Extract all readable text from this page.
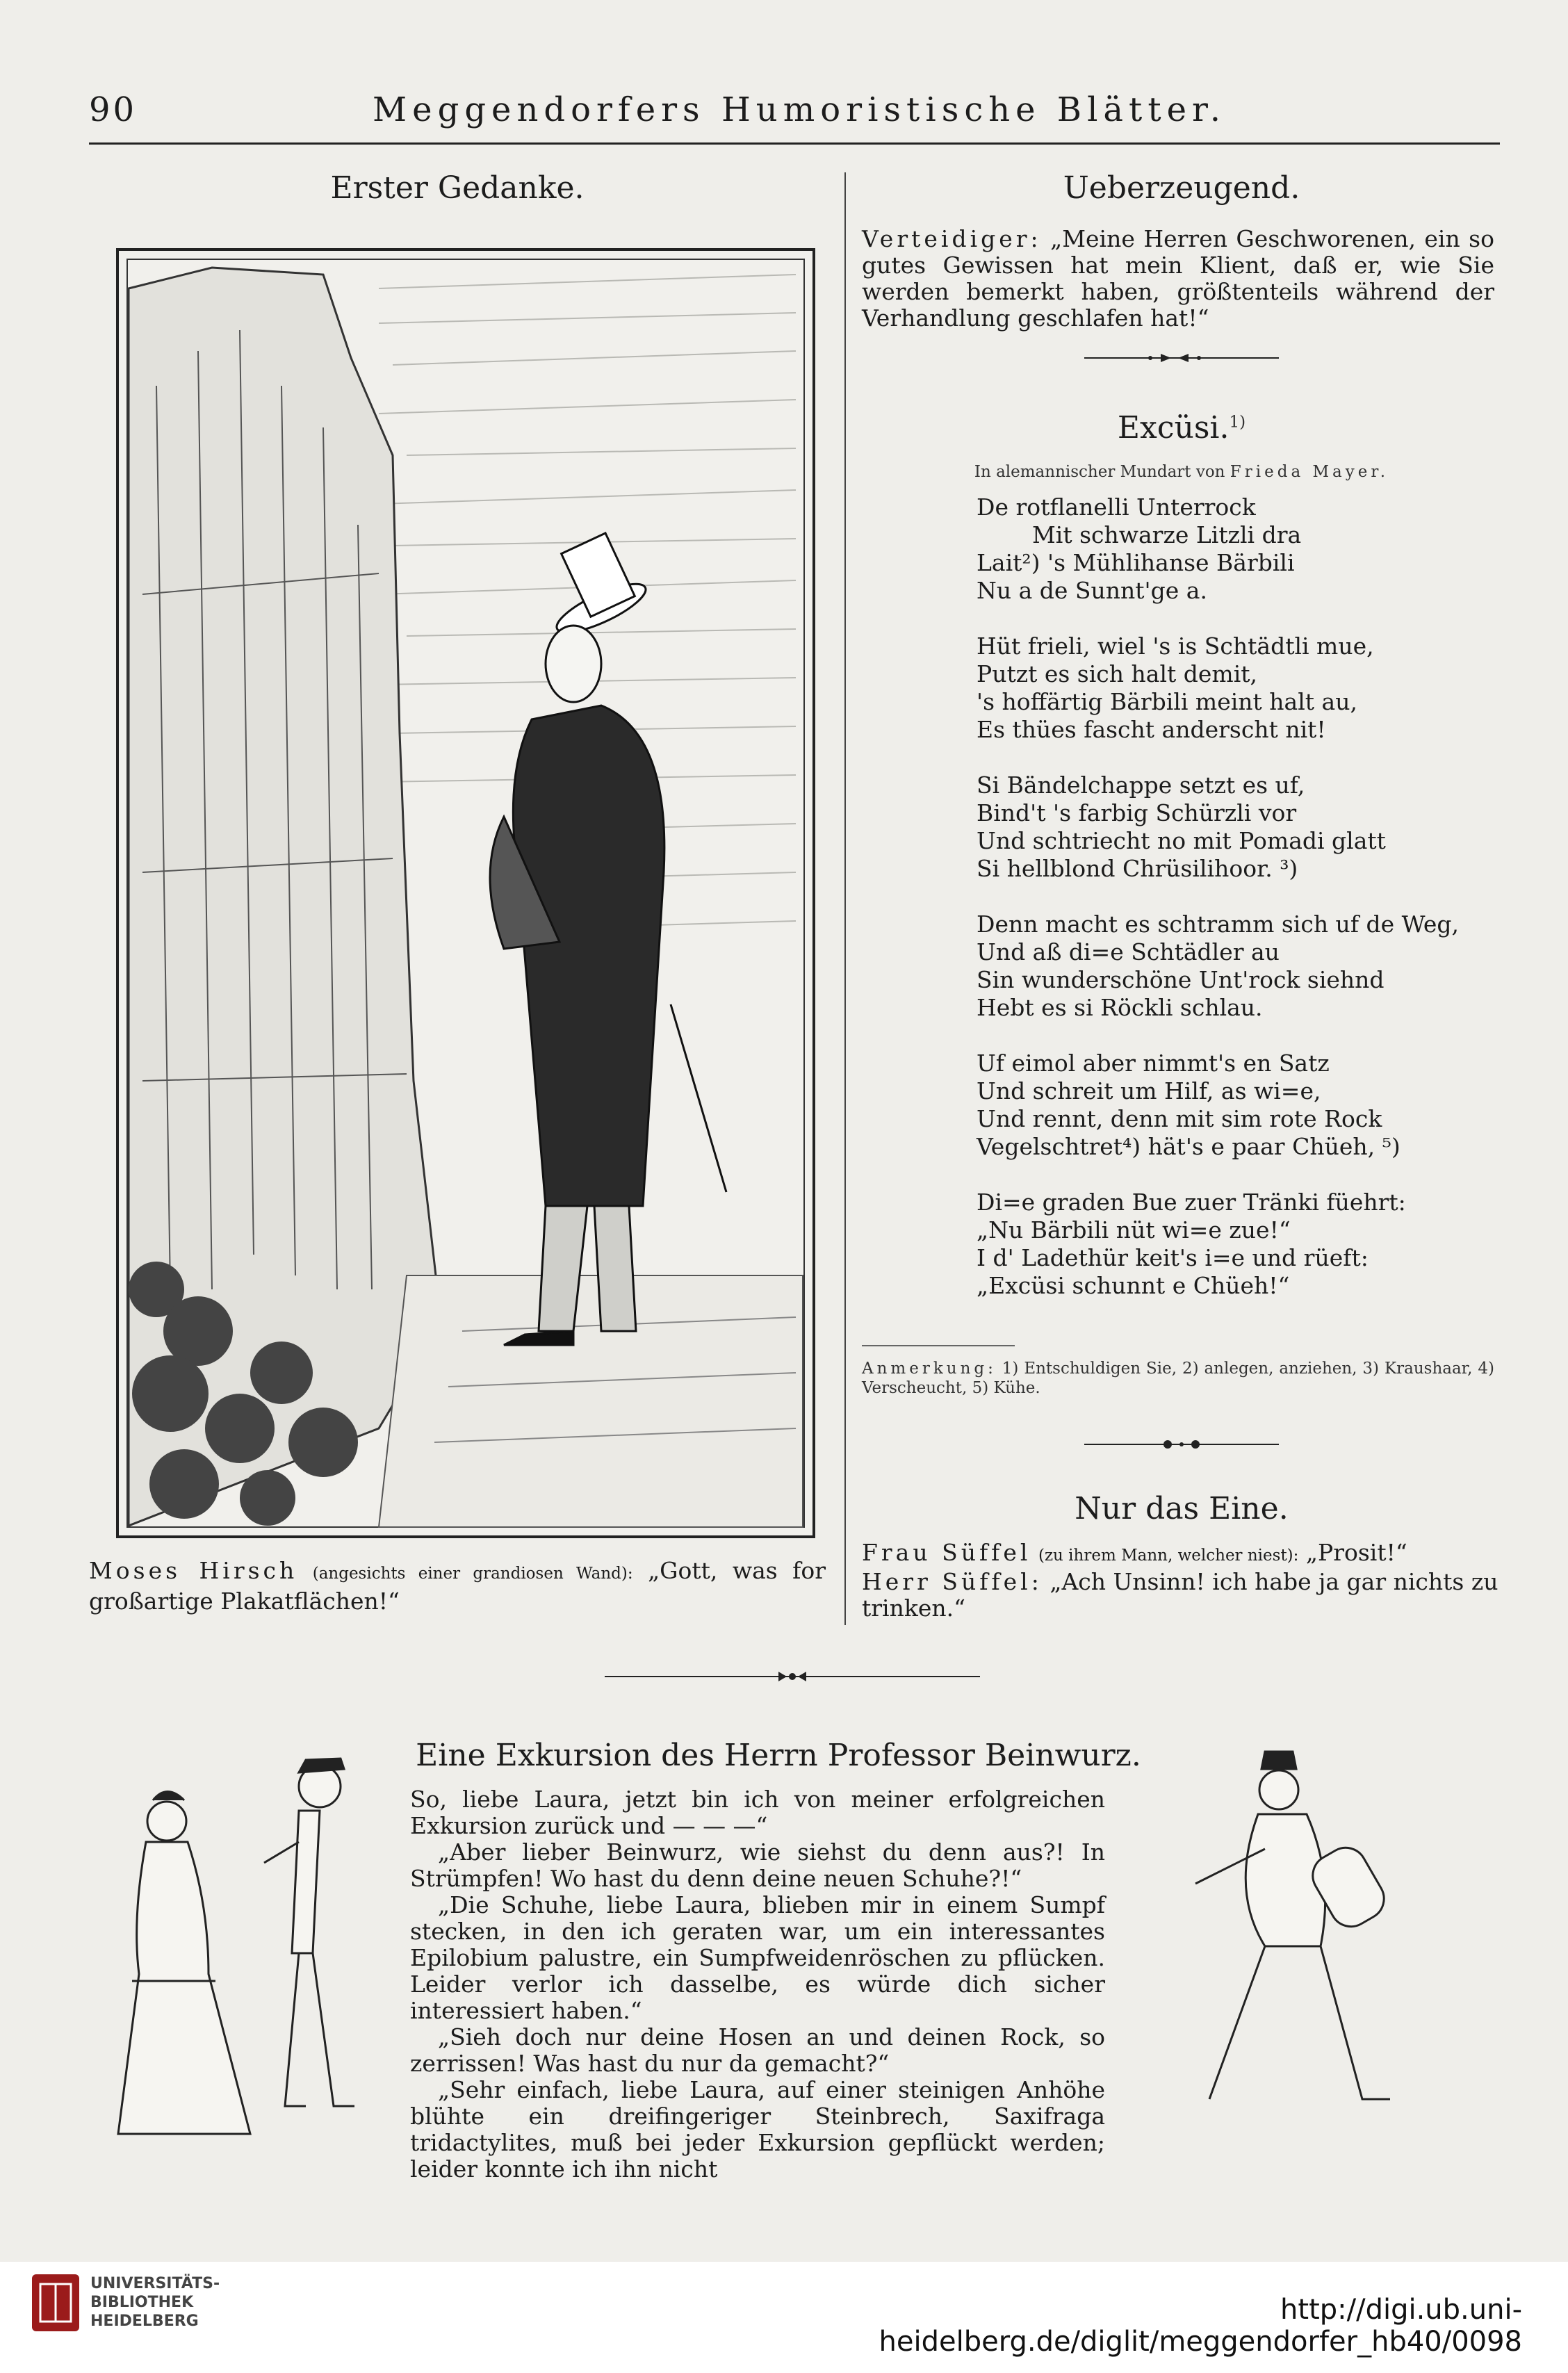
90	Meggendorfers Humoristische Blätter.
Erster Gedanke.
Moses Hirsch (angesichts einer grandiosen Wand): „Gott, was for großartige Plakatflächen!“
Ueberzeugend.
Verteidiger: „Meine Herren Geschworenen, ein so gutes Gewissen hat mein Klient, daß er, wie Sie werden bemerkt haben, größtenteils während der Verhandlung geschlafen hat!“
Excüsi.$^{1)}$
In alemannischer Mundart von Frieda Mayer.
De rotflanelli Unterrock
Mit schwarze Litzli dra
Lait²) 's Mühlihanse Bärbili
Nu a de Sunnt'ge a.
Hüt frieli, wiel 's is Schtädtli mue,
Putzt es sich halt demit,
's hoffärtig Bärbili meint halt au,
Es thües fascht anderscht nit!
Si Bändelchappe setzt es uf,
Bind't 's farbig Schürzli vor
Und schtriecht no mit Pomadi glatt
Si hellblond Chrüsilihoor. ³)
Denn macht es schtramm sich uf de Weg,
Und aß di=e Schtädler au
Sin wunderschöne Unt'rock siehnd
Hebt es si Röckli schlau.
Uf eimol aber nimmt's en Satz
Und schreit um Hilf, as wi=e,
Und rennt, denn mit sim rote Rock
Vegelschtret⁴) hät's e paar Chüeh, ⁵)
Di=e graden Bue zuer Tränki füehrt:
„Nu Bärbili nüt wi=e zue!“
I d' Ladethür keit's i=e und rüeft:
„Excüsi schunnt e Chüeh!“
Anmerkung: 1) Entschuldigen Sie, 2) anlegen, anziehen, 3) Kraushaar, 4) Verscheucht, 5) Kühe.
Nur das Eine.
Frau Süffel (zu ihrem Mann, welcher niest): „Prosit!“
Herr Süffel: „Ach Unsinn! ich habe ja gar nichts zu trinken.“
Eine Exkursion des Herrn Professor Beinwurz.

So, liebe Laura, jetzt bin ich von meiner erfolgreichen Exkursion zurück und — — —“

„Aber lieber Beinwurz, wie siehst du denn aus?! In Strümpfen! Wo hast du denn deine neuen Schuhe?!“

„Die Schuhe, liebe Laura, blieben mir in einem Sumpf stecken, in den ich geraten war, um ein interessantes Epilobium palustre, ein Sumpfweidenröschen zu pflücken. Leider verlor ich dasselbe, es würde dich sicher interessiert haben.“

„Sieh doch nur deine Hosen an und deinen Rock, so zerrissen! Was hast du nur da gemacht?“

„Sehr einfach, liebe Laura, auf einer steinigen Anhöhe blühte ein dreifingeriger Steinbrech, Saxifraga tridactylites, muß bei jeder Exkursion gepflückt werden; leider konnte ich ihn nicht

UNIVERSITÄTS-
BIBLIOTHEK
HEIDELBERG	http://digi.ub.uni-heidelberg.de/diglit/meggendorfer_hb40/0098
